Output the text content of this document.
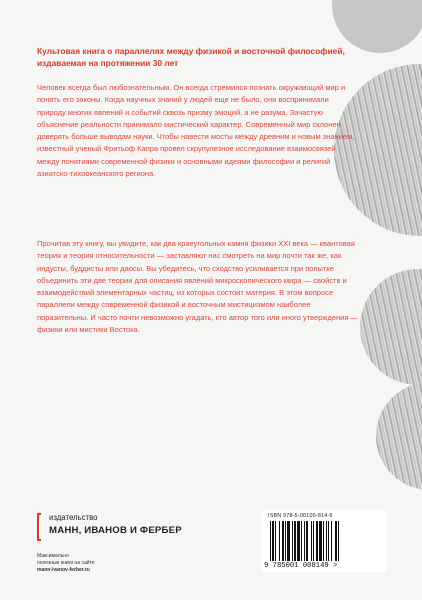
Культовая книга о параллелях между физикой и восточной философией, издаваемая на протяжении 30 лет

Человек всегда был любознательным. Он всегда стремился познать окружающий мир и понять его законы. Когда научных знаний у людей еще не было, они воспринимали природу многих явлений и событий сквозь призму эмоций, а не разума. Зачастую объяснение реальности принимало мистический характер. Современный мир склонен доверять больше выводам науки. Чтобы навести мосты между древним и новым знанием, известный ученый Фритьоф Капра провел скрупулезное исследование взаимосвязей между понятиями современной физики и основными идеями философии и религий азиатско-тихоокеанского региона.

Прочитав эту книгу, вы увидите, как два краеугольных камня физики XXI века — квантовая теория и теория относительности — заставляют нас смотреть на мир почти так же, как индусты, буддисты или даосы. Вы убедитесь, что сходство усиливается при попытке объединить эти две теории для описания явлений микроскопического мира — свойств и взаимодействий элементарных частиц, из которых состоит материя. В этом вопросе параллели между современной физикой и восточным мистицизмом наиболее поразительны. И часто почти невозможно угадать, кто автор того или иного утверждения — физики или мистики Востока.

издательство
МАНН, ИВАНОВ И ФЕРБЕР
Максимально
полезные книги на сайте
mann-ivanov-ferber.ru
ISBN 978-5-00100-814-9
9 785001 008149 >
